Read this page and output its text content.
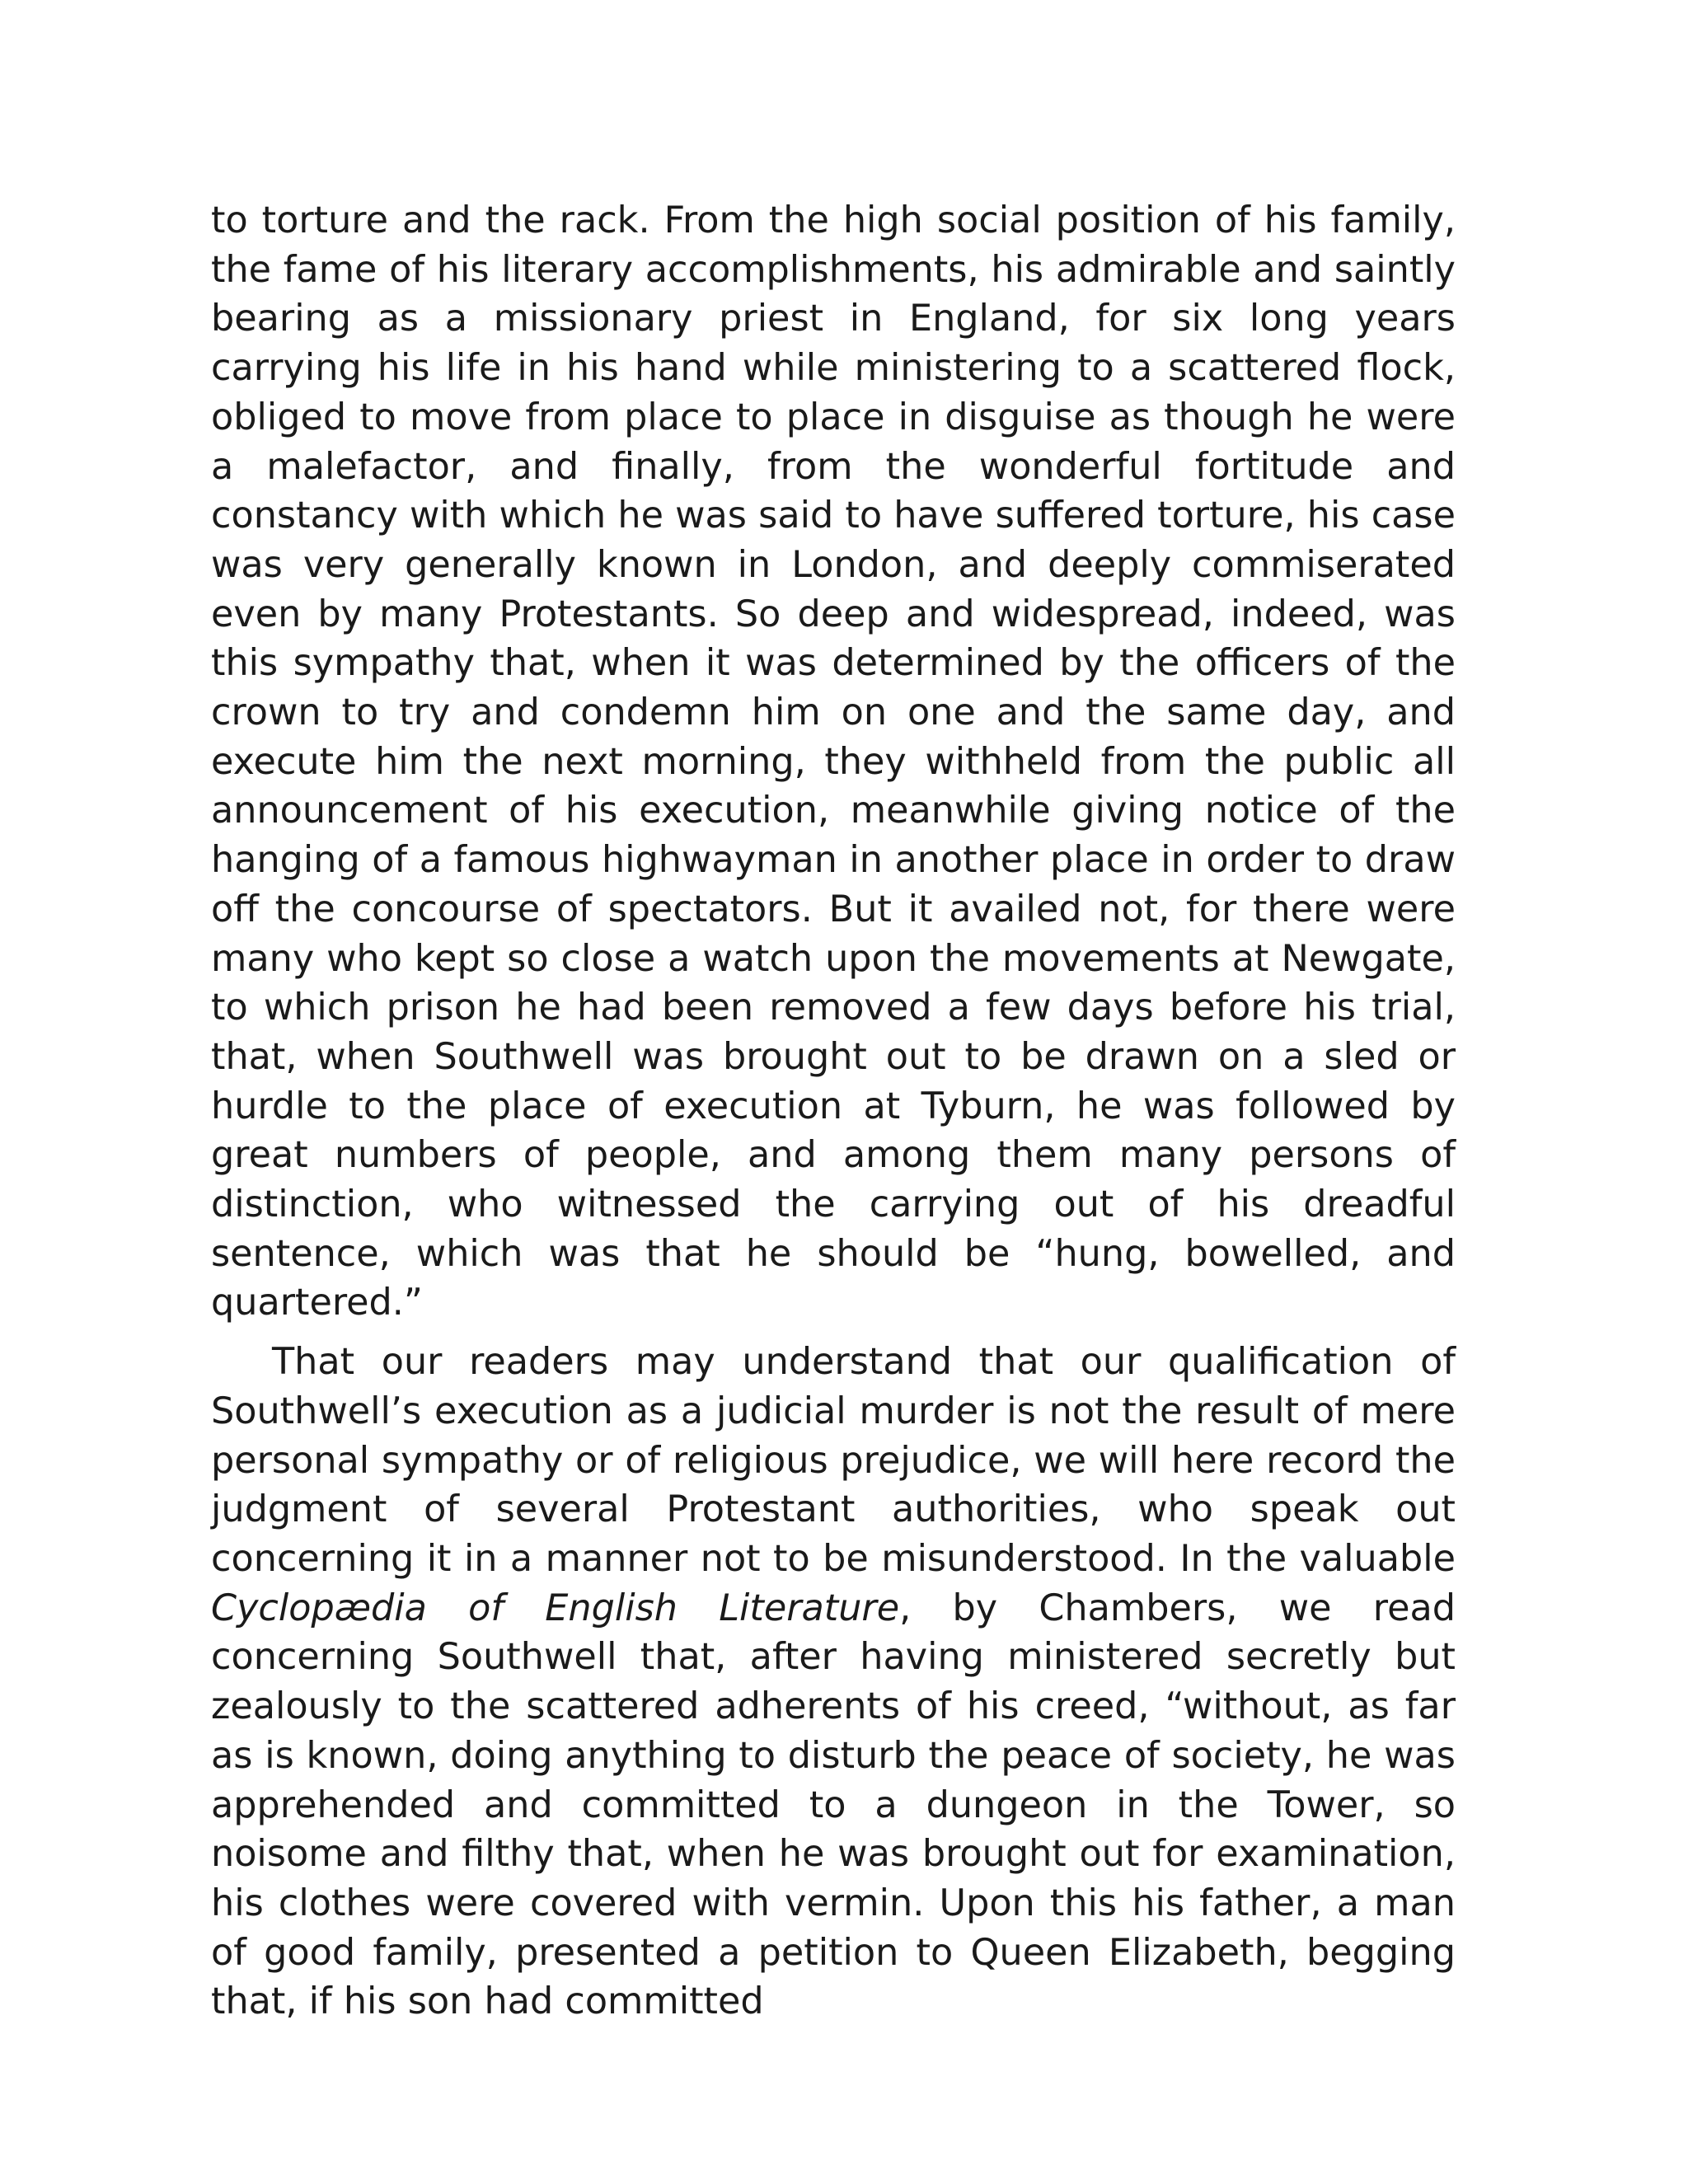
to torture and the rack. From the high social position of his family, the fame of his literary accomplishments, his admirable and saintly bearing as a missionary priest in England, for six long years carrying his life in his hand while ministering to a scattered flock, obliged to move from place to place in disguise as though he were a malefactor, and finally, from the wonderful fortitude and constancy with which he was said to have suffered torture, his case was very generally known in London, and deeply commiserated even by many Protestants. So deep and widespread, indeed, was this sympathy that, when it was determined by the officers of the crown to try and condemn him on one and the same day, and execute him the next morning, they withheld from the public all announcement of his execution, meanwhile giving notice of the hanging of a famous highwayman in another place in order to draw off the concourse of spectators. But it availed not, for there were many who kept so close a watch upon the movements at Newgate, to which prison he had been removed a few days before his trial, that, when Southwell was brought out to be drawn on a sled or hurdle to the place of execution at Tyburn, he was followed by great numbers of people, and among them many persons of distinction, who witnessed the carrying out of his dreadful sentence, which was that he should be “hung, bowelled, and quartered.”

That our readers may understand that our qualification of Southwell’s execution as a judicial murder is not the result of mere personal sympathy or of religious prejudice, we will here record the judgment of several Protestant authorities, who speak out concerning it in a manner not to be misunderstood. In the valuable Cyclopædia of English Literature, by Chambers, we read concerning Southwell that, after having ministered secretly but zealously to the scattered adherents of his creed, “without, as far as is known, doing anything to disturb the peace of society, he was apprehended and committed to a dungeon in the Tower, so noisome and filthy that, when he was brought out for examination, his clothes were covered with vermin. Upon this his father, a man of good family, presented a petition to Queen Elizabeth, begging that, if his son had committed
